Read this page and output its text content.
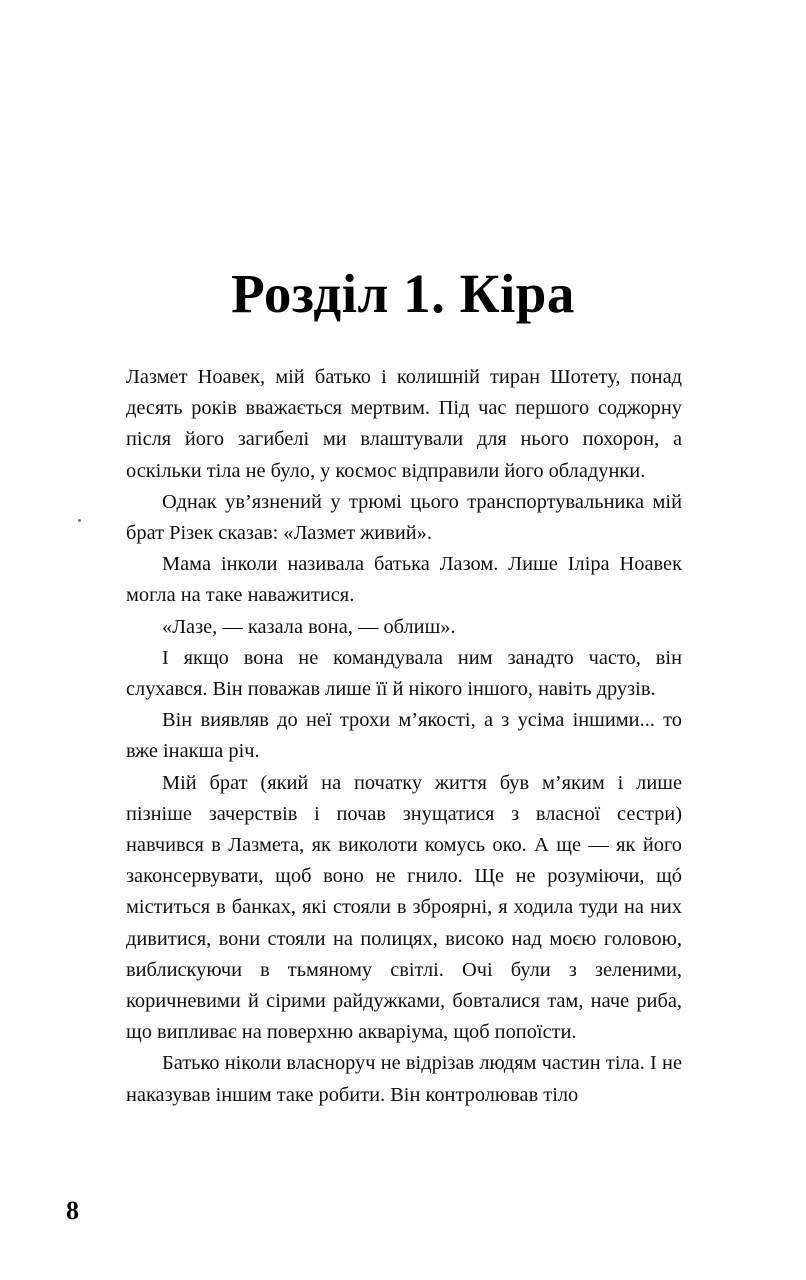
Розділ 1. Кіра

Лазмет Ноавек, мій батько і колишній тиран Шотету, понад десять років вважається мертвим. Під час першого соджорну після його загибелі ми влаштували для нього похорон, а оскільки тіла не було, у космос відправили його обладунки.

Однак ув’язнений у трюмі цього транспортувальника мій брат Різек сказав: «Лазмет живий».

Мама інколи називала батька Лазом. Лише Іліра Ноавек могла на таке наважитися.

«Лазе, — казала вона, — облиш».

І якщо вона не командувала ним занадто часто, він слухався. Він поважав лише її й нікого іншого, навіть друзів.

Він виявляв до неї трохи м’якості, а з усіма іншими... то вже інакша річ.

Мій брат (який на початку життя був м’яким і лише пізніше зачерствів і почав знущатися з власної сестри) навчився в Лазмета, як виколоти комусь око. А ще — як його законсервувати, щоб воно не гнило. Ще не розуміючи, щó міститься в банках, які стояли в зброярні, я ходила туди на них дивитися, вони стояли на полицях, високо над моєю головою, виблискуючи в тьмяному світлі. Очі були з зеленими, коричневими й сірими райдужками, бовталися там, наче риба, що випливає на поверхню акваріума, щоб попоїсти.

Батько ніколи власноруч не відрізав людям частин тіла. І не наказував іншим таке робити. Він контролював тіло

8
